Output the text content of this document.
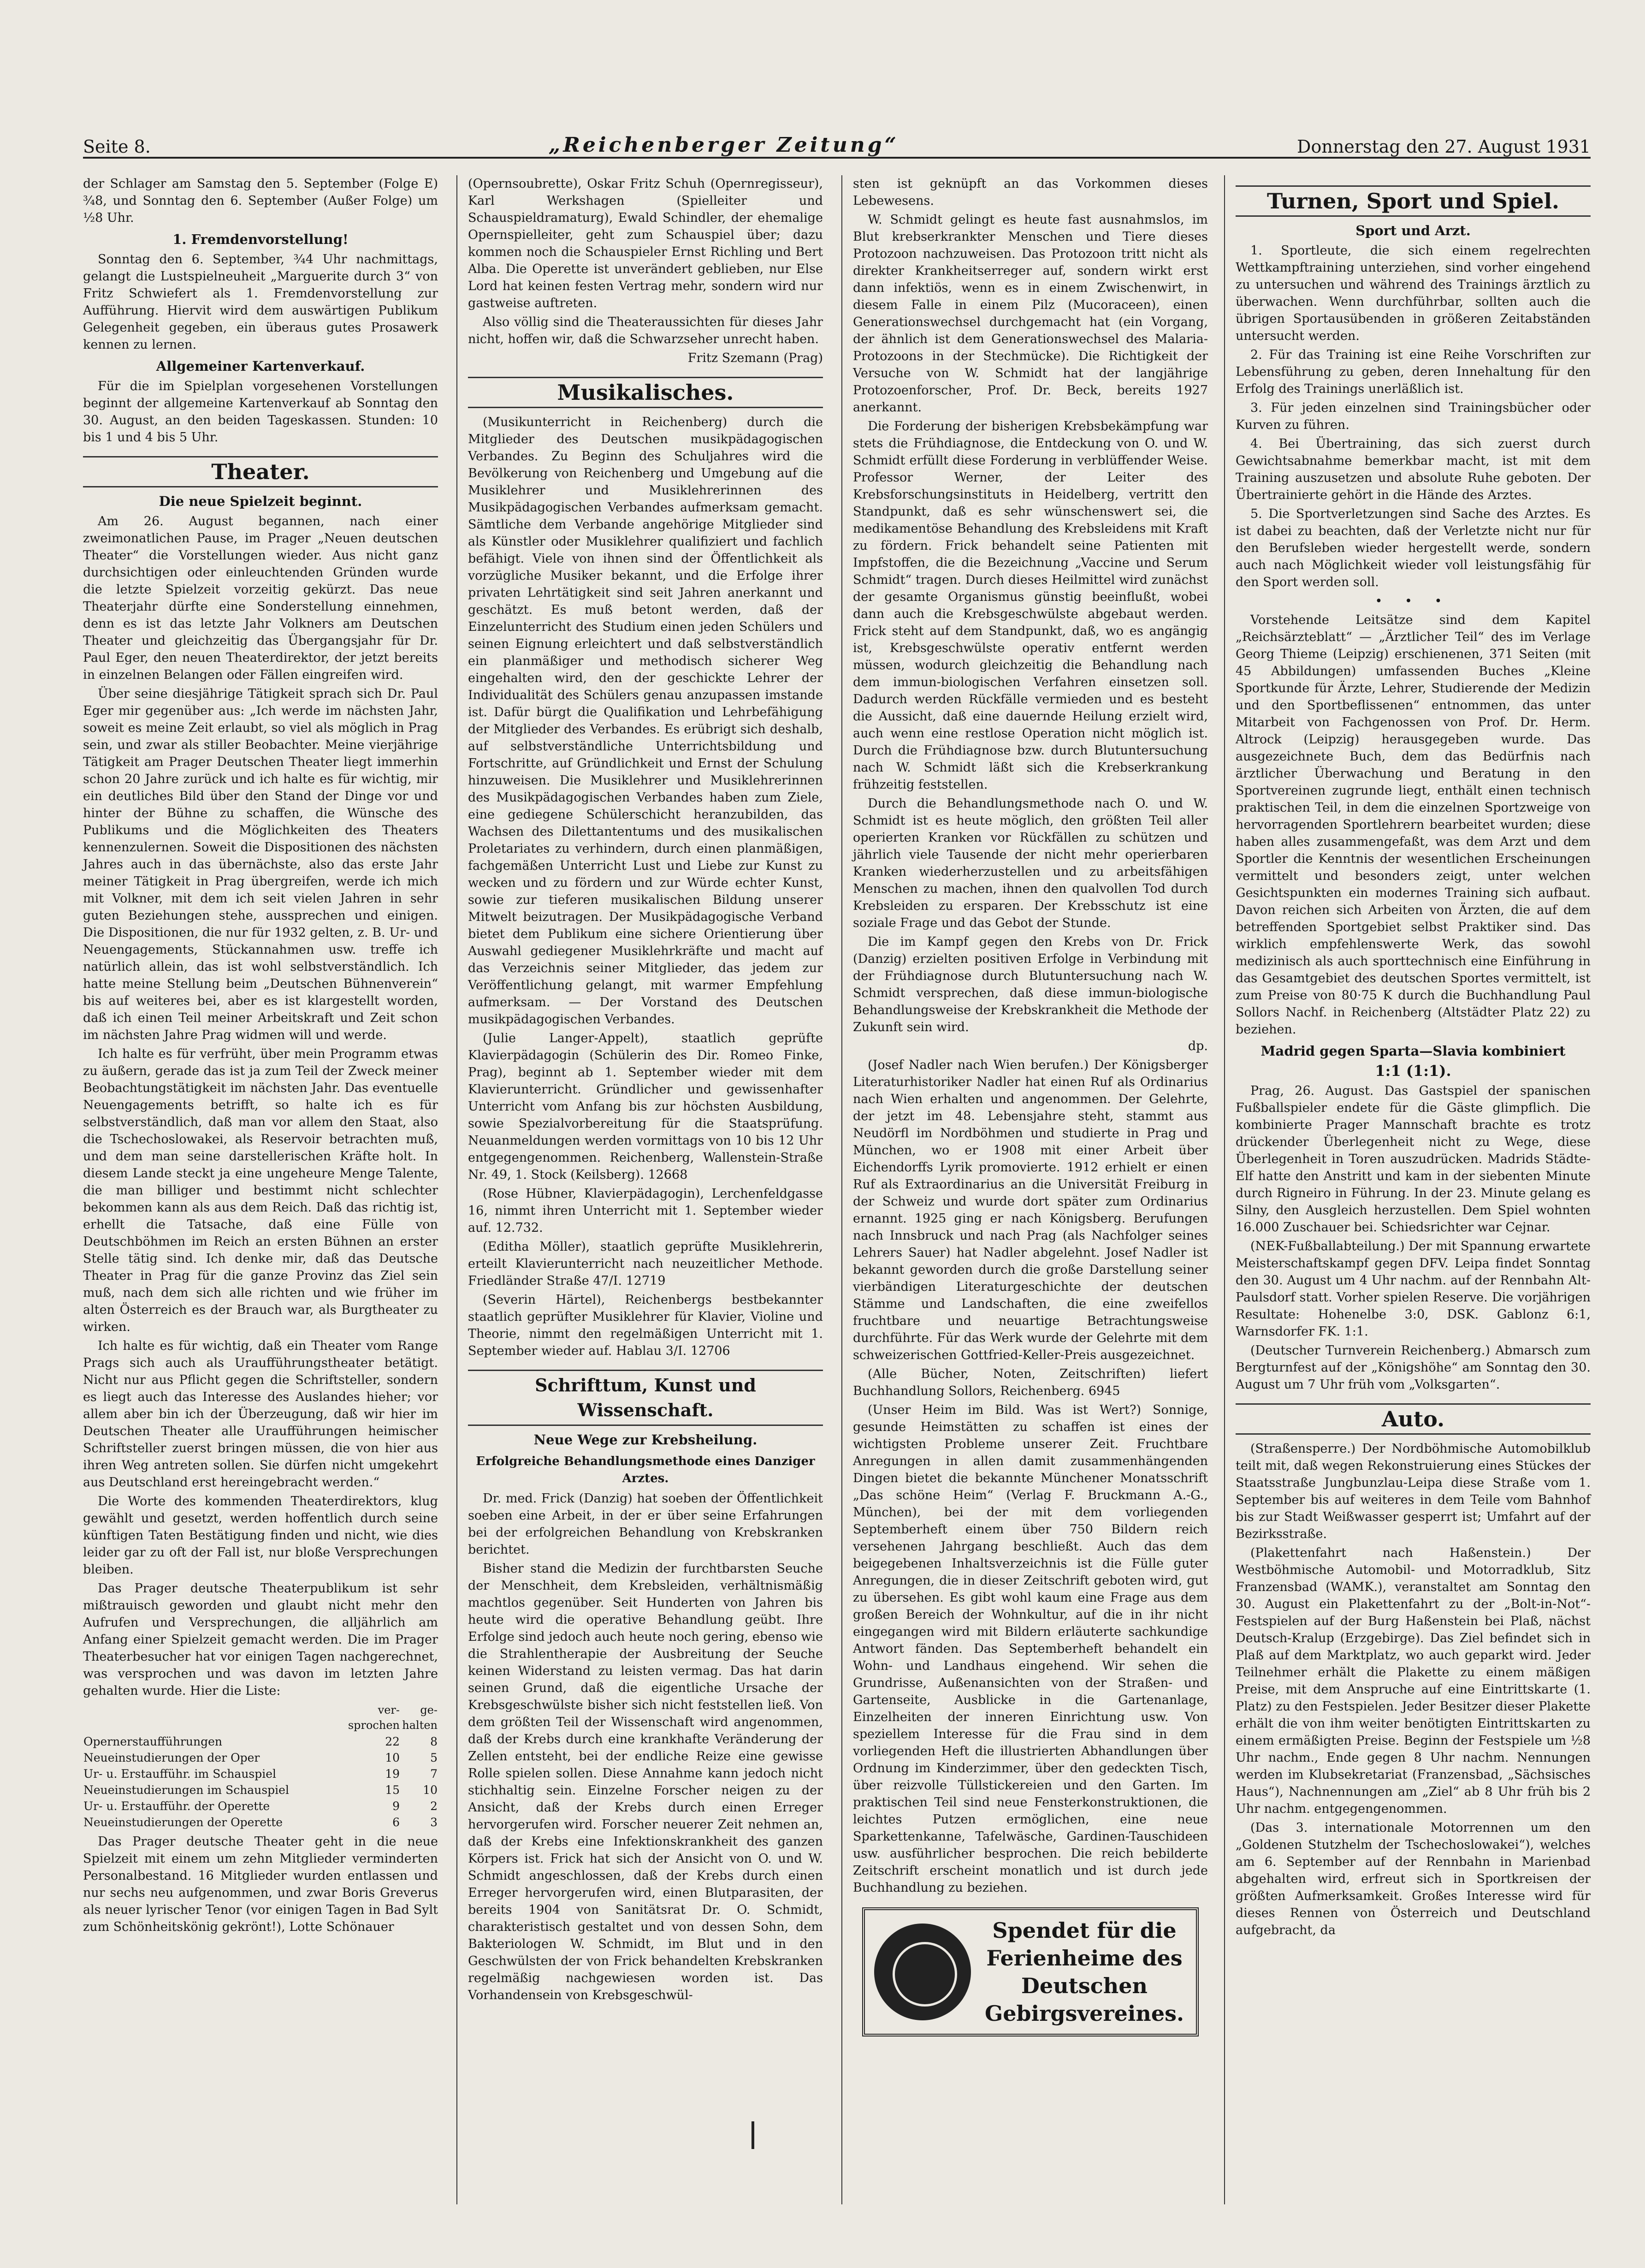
Seite 8.	„Reichenberger Zeitung“	Donnerstag den 27. August 1931

der Schlager am Samstag den 5. September (Folge E) ¾8, und Sonntag den 6. September (Außer Folge) um ½8 Uhr.

1. Fremdenvorstellung!

Sonntag den 6. September, ¾4 Uhr nachmittags, gelangt die Lustspielneuheit „Marguerite durch 3“ von Fritz Schwiefert als 1. Fremdenvorstellung zur Aufführung. Hiervit wird dem auswärtigen Publikum Gelegenheit gegeben, ein überaus gutes Prosawerk kennen zu lernen.

Allgemeiner Kartenverkauf.

Für die im Spielplan vorgesehenen Vorstellungen beginnt der allgemeine Kartenverkauf ab Sonntag den 30. August, an den beiden Tageskassen. Stunden: 10 bis 1 und 4 bis 5 Uhr.

Theater.

Die neue Spielzeit beginnt.

Am 26. August begannen, nach einer zweimonatlichen Pause, im Prager „Neuen deutschen Theater“ die Vorstellungen wieder. Aus nicht ganz durchsichtigen oder einleuchtenden Gründen wurde die letzte Spielzeit vorzeitig gekürzt. Das neue Theaterjahr dürfte eine Sonderstellung einnehmen, denn es ist das letzte Jahr Volkners am Deutschen Theater und gleichzeitig das Übergangsjahr für Dr. Paul Eger, den neuen Theaterdirektor, der jetzt bereits in einzelnen Belangen oder Fällen eingreifen wird.

Über seine diesjährige Tätigkeit sprach sich Dr. Paul Eger mir gegenüber aus: „Ich werde im nächsten Jahr, soweit es meine Zeit erlaubt, so viel als möglich in Prag sein, und zwar als stiller Beobachter. Meine vierjährige Tätigkeit am Prager Deutschen Theater liegt immerhin schon 20 Jahre zurück und ich halte es für wichtig, mir ein deutliches Bild über den Stand der Dinge vor und hinter der Bühne zu schaffen, die Wünsche des Publikums und die Möglichkeiten des Theaters kennenzulernen. Soweit die Dispositionen des nächsten Jahres auch in das übernächste, also das erste Jahr meiner Tätigkeit in Prag übergreifen, werde ich mich mit Volkner, mit dem ich seit vielen Jahren in sehr guten Beziehungen stehe, aussprechen und einigen. Die Dispositionen, die nur für 1932 gelten, z. B. Ur- und Neuengagements, Stückannahmen usw. treffe ich natürlich allein, das ist wohl selbstverständlich. Ich hatte meine Stellung beim „Deutschen Bühnenverein“ bis auf weiteres bei, aber es ist klargestellt worden, daß ich einen Teil meiner Arbeitskraft und Zeit schon im nächsten Jahre Prag widmen will und werde.

Ich halte es für verfrüht, über mein Programm etwas zu äußern, gerade das ist ja zum Teil der Zweck meiner Beobachtungstätigkeit im nächsten Jahr. Das eventuelle Neuengagements betrifft, so halte ich es für selbstverständlich, daß man vor allem den Staat, also die Tschechoslowakei, als Reservoir betrachten muß, und dem man seine darstellerischen Kräfte holt. In diesem Lande steckt ja eine ungeheure Menge Talente, die man billiger und bestimmt nicht schlechter bekommen kann als aus dem Reich. Daß das richtig ist, erhellt die Tatsache, daß eine Fülle von Deutschböhmen im Reich an ersten Bühnen an erster Stelle tätig sind. Ich denke mir, daß das Deutsche Theater in Prag für die ganze Provinz das Ziel sein muß, nach dem sich alle richten und wie früher im alten Österreich es der Brauch war, als Burgtheater zu wirken.

Ich halte es für wichtig, daß ein Theater vom Range Prags sich auch als Uraufführungstheater betätigt. Nicht nur aus Pflicht gegen die Schriftsteller, sondern es liegt auch das Interesse des Auslandes hieher; vor allem aber bin ich der Überzeugung, daß wir hier im Deutschen Theater alle Uraufführungen heimischer Schriftsteller zuerst bringen müssen, die von hier aus ihren Weg antreten sollen. Sie dürfen nicht umgekehrt aus Deutschland erst hereingebracht werden.“

Die Worte des kommenden Theaterdirektors, klug gewählt und gesetzt, werden hoffentlich durch seine künftigen Taten Bestätigung finden und nicht, wie dies leider gar zu oft der Fall ist, nur bloße Versprechungen bleiben.

Das Prager deutsche Theaterpublikum ist sehr mißtrauisch geworden und glaubt nicht mehr den Aufrufen und Versprechungen, die alljährlich am Anfang einer Spielzeit gemacht werden. Die im Prager Theaterbesucher hat vor einigen Tagen nachgerechnet, was versprochen und was davon im letzten Jahre gehalten wurde. Hier die Liste:

	ver-sprochen	ge-halten
Opernerstaufführungen	22	8
Neueinstudierungen der Oper	10	5
Ur- u. Erstaufführ. im Schauspiel	19	7
Neueinstudierungen im Schauspiel	15	10
Ur- u. Erstaufführ. der Operette	9	2
Neueinstudierungen der Operette	6	3

Das Prager deutsche Theater geht in die neue Spielzeit mit einem um zehn Mitglieder verminderten Personalbestand. 16 Mitglieder wurden entlassen und nur sechs neu aufgenommen, und zwar Boris Greverus als neuer lyrischer Tenor (vor einigen Tagen in Bad Sylt zum Schönheitskönig gekrönt!), Lotte Schönauer

(Opernsoubrette), Oskar Fritz Schuh (Opernregisseur), Karl Werkshagen (Spielleiter und Schauspieldramaturg), Ewald Schindler, der ehemalige Opernspielleiter, geht zum Schauspiel über; dazu kommen noch die Schauspieler Ernst Richling und Bert Alba. Die Operette ist unverändert geblieben, nur Else Lord hat keinen festen Vertrag mehr, sondern wird nur gastweise auftreten.

Also völlig sind die Theateraussichten für dieses Jahr nicht, hoffen wir, daß die Schwarzseher unrecht haben.

Fritz Szemann (Prag)

Musikalisches.

(Musikunterricht in Reichenberg) durch die Mitglieder des Deutschen musikpädagogischen Verbandes. Zu Beginn des Schuljahres wird die Bevölkerung von Reichenberg und Umgebung auf die Musiklehrer und Musiklehrerinnen des Musikpädagogischen Verbandes aufmerksam gemacht. Sämtliche dem Verbande angehörige Mitglieder sind als Künstler oder Musiklehrer qualifiziert und fachlich befähigt. Viele von ihnen sind der Öffentlichkeit als vorzügliche Musiker bekannt, und die Erfolge ihrer privaten Lehrtätigkeit sind seit Jahren anerkannt und geschätzt. Es muß betont werden, daß der Einzelunterricht des Studium einen jeden Schülers und seinen Eignung erleichtert und daß selbstverständlich ein planmäßiger und methodisch sicherer Weg eingehalten wird, den der geschickte Lehrer der Individualität des Schülers genau anzupassen imstande ist. Dafür bürgt die Qualifikation und Lehrbefähigung der Mitglieder des Verbandes. Es erübrigt sich deshalb, auf selbstverständliche Unterrichtsbildung und Fortschritte, auf Gründlichkeit und Ernst der Schulung hinzuweisen. Die Musiklehrer und Musiklehrerinnen des Musikpädagogischen Verbandes haben zum Ziele, eine gediegene Schülerschicht heranzubilden, das Wachsen des Dilettantentums und des musikalischen Proletariates zu verhindern, durch einen planmäßigen, fachgemäßen Unterricht Lust und Liebe zur Kunst zu wecken und zu fördern und zur Würde echter Kunst, sowie zur tieferen musikalischen Bildung unserer Mitwelt beizutragen. Der Musikpädagogische Verband bietet dem Publikum eine sichere Orientierung über Auswahl gediegener Musiklehrkräfte und macht auf das Verzeichnis seiner Mitglieder, das jedem zur Veröffentlichung gelangt, mit warmer Empfehlung aufmerksam. — Der Vorstand des Deutschen musikpädagogischen Verbandes.

(Julie Langer-Appelt), staatlich geprüfte Klavierpädagogin (Schülerin des Dir. Romeo Finke, Prag), beginnt ab 1. September wieder mit dem Klavierunterricht. Gründlicher und gewissenhafter Unterricht vom Anfang bis zur höchsten Ausbildung, sowie Spezialvorbereitung für die Staatsprüfung. Neuanmeldungen werden vormittags von 10 bis 12 Uhr entgegengenommen. Reichenberg, Wallenstein-Straße Nr. 49, 1. Stock (Keilsberg). 12668

(Rose Hübner, Klavierpädagogin), Lerchenfeldgasse 16, nimmt ihren Unterricht mit 1. September wieder auf. 12.732.

(Editha Möller), staatlich geprüfte Musiklehrerin, erteilt Klavierunterricht nach neuzeitlicher Methode. Friedländer Straße 47/I. 12719

(Severin Härtel), Reichenbergs bestbekannter staatlich geprüfter Musiklehrer für Klavier, Violine und Theorie, nimmt den regelmäßigen Unterricht mit 1. September wieder auf. Hablau 3/I. 12706

Schrifttum, Kunst und Wissenschaft.

Neue Wege zur Krebsheilung.

Erfolgreiche Behandlungsmethode eines Danziger Arztes.

Dr. med. Frick (Danzig) hat soeben der Öffentlichkeit soeben eine Arbeit, in der er über seine Erfahrungen bei der erfolgreichen Behandlung von Krebskranken berichtet.

Bisher stand die Medizin der furchtbarsten Seuche der Menschheit, dem Krebsleiden, verhältnismäßig machtlos gegenüber. Seit Hunderten von Jahren bis heute wird die operative Behandlung geübt. Ihre Erfolge sind jedoch auch heute noch gering, ebenso wie die Strahlentherapie der Ausbreitung der Seuche keinen Widerstand zu leisten vermag. Das hat darin seinen Grund, daß die eigentliche Ursache der Krebsgeschwülste bisher sich nicht feststellen ließ. Von dem größten Teil der Wissenschaft wird angenommen, daß der Krebs durch eine krankhafte Veränderung der Zellen entsteht, bei der endliche Reize eine gewisse Rolle spielen sollen. Diese Annahme kann jedoch nicht stichhaltig sein. Einzelne Forscher neigen zu der Ansicht, daß der Krebs durch einen Erreger hervorgerufen wird. Forscher neuerer Zeit nehmen an, daß der Krebs eine Infektionskrankheit des ganzen Körpers ist. Frick hat sich der Ansicht von O. und W. Schmidt angeschlossen, daß der Krebs durch einen Erreger hervorgerufen wird, einen Blutparasiten, der bereits 1904 von Sanitätsrat Dr. O. Schmidt, charakteristisch gestaltet und von dessen Sohn, dem Bakteriologen W. Schmidt, im Blut und in den Geschwülsten der von Frick behandelten Krebskranken regelmäßig nachgewiesen worden ist. Das Vorhandensein von Krebsgeschwül-

sten ist geknüpft an das Vorkommen dieses Lebewesens.

W. Schmidt gelingt es heute fast ausnahmslos, im Blut krebserkrankter Menschen und Tiere dieses Protozoon nachzuweisen. Das Protozoon tritt nicht als direkter Krankheitserreger auf, sondern wirkt erst dann infektiös, wenn es in einem Zwischenwirt, in diesem Falle in einem Pilz (Mucoraceen), einen Generationswechsel durchgemacht hat (ein Vorgang, der ähnlich ist dem Generationswechsel des Malaria-Protozoons in der Stechmücke). Die Richtigkeit der Versuche von W. Schmidt hat der langjährige Protozoenforscher, Prof. Dr. Beck, bereits 1927 anerkannt.

Die Forderung der bisherigen Krebsbekämpfung war stets die Frühdiagnose, die Entdeckung von O. und W. Schmidt erfüllt diese Forderung in verblüffender Weise. Professor Werner, der Leiter des Krebsforschungsinstituts in Heidelberg, vertritt den Standpunkt, daß es sehr wünschenswert sei, die medikamentöse Behandlung des Krebsleidens mit Kraft zu fördern. Frick behandelt seine Patienten mit Impfstoffen, die die Bezeichnung „Vaccine und Serum Schmidt“ tragen. Durch dieses Heilmittel wird zunächst der gesamte Organismus günstig beeinflußt, wobei dann auch die Krebsgeschwülste abgebaut werden. Frick steht auf dem Standpunkt, daß, wo es angängig ist, Krebsgeschwülste operativ entfernt werden müssen, wodurch gleichzeitig die Behandlung nach dem immun-biologischen Verfahren einsetzen soll. Dadurch werden Rückfälle vermieden und es besteht die Aussicht, daß eine dauernde Heilung erzielt wird, auch wenn eine restlose Operation nicht möglich ist. Durch die Frühdiagnose bzw. durch Blutuntersuchung nach W. Schmidt läßt sich die Krebserkrankung frühzeitig feststellen.

Durch die Behandlungsmethode nach O. und W. Schmidt ist es heute möglich, den größten Teil aller operierten Kranken vor Rückfällen zu schützen und jährlich viele Tausende der nicht mehr operierbaren Kranken wiederherzustellen und zu arbeitsfähigen Menschen zu machen, ihnen den qualvollen Tod durch Krebsleiden zu ersparen. Der Krebsschutz ist eine soziale Frage und das Gebot der Stunde.

Die im Kampf gegen den Krebs von Dr. Frick (Danzig) erzielten positiven Erfolge in Verbindung mit der Frühdiagnose durch Blutuntersuchung nach W. Schmidt versprechen, daß diese immun-biologische Behandlungsweise der Krebskrankheit die Methode der Zukunft sein wird.

dp.

(Josef Nadler nach Wien berufen.) Der Königsberger Literaturhistoriker Nadler hat einen Ruf als Ordinarius nach Wien erhalten und angenommen. Der Gelehrte, der jetzt im 48. Lebensjahre steht, stammt aus Neudörfl im Nordböhmen und studierte in Prag und München, wo er 1908 mit einer Arbeit über Eichendorffs Lyrik promovierte. 1912 erhielt er einen Ruf als Extraordinarius an die Universität Freiburg in der Schweiz und wurde dort später zum Ordinarius ernannt. 1925 ging er nach Königsberg. Berufungen nach Innsbruck und nach Prag (als Nachfolger seines Lehrers Sauer) hat Nadler abgelehnt. Josef Nadler ist bekannt geworden durch die große Darstellung seiner vierbändigen Literaturgeschichte der deutschen Stämme und Landschaften, die eine zweifellos fruchtbare und neuartige Betrachtungsweise durchführte. Für das Werk wurde der Gelehrte mit dem schweizerischen Gottfried-Keller-Preis ausgezeichnet.

(Alle Bücher, Noten, Zeitschriften) liefert Buchhandlung Sollors, Reichenberg. 6945

(Unser Heim im Bild. Was ist Wert?) Sonnige, gesunde Heimstätten zu schaffen ist eines der wichtigsten Probleme unserer Zeit. Fruchtbare Anregungen in allen damit zusammenhängenden Dingen bietet die bekannte Münchener Monatsschrift „Das schöne Heim“ (Verlag F. Bruckmann A.-G., München), bei der mit dem vorliegenden Septemberheft einem über 750 Bildern reich versehenen Jahrgang beschließt. Auch das dem beigegebenen Inhaltsverzeichnis ist die Fülle guter Anregungen, die in dieser Zeitschrift geboten wird, gut zu übersehen. Es gibt wohl kaum eine Frage aus dem großen Bereich der Wohnkultur, auf die in ihr nicht eingegangen wird mit Bildern erläuterte sachkundige Antwort fänden. Das Septemberheft behandelt ein Wohn- und Landhaus eingehend. Wir sehen die Grundrisse, Außenansichten von der Straßen- und Gartenseite, Ausblicke in die Gartenanlage, Einzelheiten der inneren Einrichtung usw. Von speziellem Interesse für die Frau sind in dem vorliegenden Heft die illustrierten Abhandlungen über Ordnung im Kinderzimmer, über den gedeckten Tisch, über reizvolle Tüllstickereien und den Garten. Im praktischen Teil sind neue Fensterkonstruktionen, die leichtes Putzen ermöglichen, eine neue Sparkettenkanne, Tafelwäsche, Gardinen-Tauschideen usw. ausführlicher besprochen. Die reich bebilderte Zeitschrift erscheint monatlich und ist durch jede Buchhandlung zu beziehen.

Spendet für die Ferienheime des Deutschen Gebirgsvereines.
Turnen, Sport und Spiel.

Sport und Arzt.

1. Sportleute, die sich einem regelrechten Wettkampftraining unterziehen, sind vorher eingehend zu untersuchen und während des Trainings ärztlich zu überwachen. Wenn durchführbar, sollten auch die übrigen Sportausübenden in größeren Zeitabständen untersucht werden.

2. Für das Training ist eine Reihe Vorschriften zur Lebensführung zu geben, deren Innehaltung für den Erfolg des Trainings unerläßlich ist.

3. Für jeden einzelnen sind Trainingsbücher oder Kurven zu führen.

4. Bei Übertraining, das sich zuerst durch Gewichtsabnahme bemerkbar macht, ist mit dem Training auszusetzen und absolute Ruhe geboten. Der Übertrainierte gehört in die Hände des Arztes.

5. Die Sportverletzungen sind Sache des Arztes. Es ist dabei zu beachten, daß der Verletzte nicht nur für den Berufsleben wieder hergestellt werde, sondern auch nach Möglichkeit wieder voll leistungsfähig für den Sport werden soll.

• • •

Vorstehende Leitsätze sind dem Kapitel „Reichsärzteblatt“ — „Ärztlicher Teil“ des im Verlage Georg Thieme (Leipzig) erschienenen, 371 Seiten (mit 45 Abbildungen) umfassenden Buches „Kleine Sportkunde für Ärzte, Lehrer, Studierende der Medizin und den Sportbeflissenen“ entnommen, das unter Mitarbeit von Fachgenossen von Prof. Dr. Herm. Altrock (Leipzig) herausgegeben wurde. Das ausgezeichnete Buch, dem das Bedürfnis nach ärztlicher Überwachung und Beratung in den Sportvereinen zugrunde liegt, enthält einen technisch praktischen Teil, in dem die einzelnen Sportzweige von hervorragenden Sportlehrern bearbeitet wurden; diese haben alles zusammengefaßt, was dem Arzt und dem Sportler die Kenntnis der wesentlichen Erscheinungen vermittelt und besonders zeigt, unter welchen Gesichtspunkten ein modernes Training sich aufbaut. Davon reichen sich Arbeiten von Ärzten, die auf dem betreffenden Sportgebiet selbst Praktiker sind. Das wirklich empfehlenswerte Werk, das sowohl medizinisch als auch sporttechnisch eine Einführung in das Gesamtgebiet des deutschen Sportes vermittelt, ist zum Preise von 80·75 K durch die Buchhandlung Paul Sollors Nachf. in Reichenberg (Altstädter Platz 22) zu beziehen.

Madrid gegen Sparta—Slavia kombiniert

1:1 (1:1).

Prag, 26. August. Das Gastspiel der spanischen Fußballspieler endete für die Gäste glimpflich. Die kombinierte Prager Mannschaft brachte es trotz drückender Überlegenheit nicht zu Wege, diese Überlegenheit in Toren auszudrücken. Madrids Städte-Elf hatte den Anstritt und kam in der siebenten Minute durch Rigneiro in Führung. In der 23. Minute gelang es Silny, den Ausgleich herzustellen. Dem Spiel wohnten 16.000 Zuschauer bei. Schiedsrichter war Cejnar.

(NEK-Fußballabteilung.) Der mit Spannung erwartete Meisterschaftskampf gegen DFV. Leipa findet Sonntag den 30. August um 4 Uhr nachm. auf der Rennbahn Alt-Paulsdorf statt. Vorher spielen Reserve. Die vorjährigen Resultate: Hohenelbe 3:0, DSK. Gablonz 6:1, Warnsdorfer FK. 1:1.

(Deutscher Turnverein Reichenberg.) Abmarsch zum Bergturnfest auf der „Königshöhe“ am Sonntag den 30. August um 7 Uhr früh vom „Volksgarten“.

Auto.

(Straßensperre.) Der Nordböhmische Automobilklub teilt mit, daß wegen Rekonstruierung eines Stückes der Staatsstraße Jungbunzlau-Leipa diese Straße vom 1. September bis auf weiteres in dem Teile vom Bahnhof bis zur Stadt Weißwasser gesperrt ist; Umfahrt auf der Bezirksstraße.

(Plakettenfahrt nach Haßenstein.) Der Westböhmische Automobil- und Motorradklub, Sitz Franzensbad (WAMK.), veranstaltet am Sonntag den 30. August ein Plakettenfahrt zu der „Bolt-in-Not“-Festspielen auf der Burg Haßenstein bei Plaß, nächst Deutsch-Kralup (Erzgebirge). Das Ziel befindet sich in Plaß auf dem Marktplatz, wo auch geparkt wird. Jeder Teilnehmer erhält die Plakette zu einem mäßigen Preise, mit dem Anspruche auf eine Eintrittskarte (1. Platz) zu den Festspielen. Jeder Besitzer dieser Plakette erhält die von ihm weiter benötigten Eintrittskarten zu einem ermäßigten Preise. Beginn der Festspiele um ½8 Uhr nachm., Ende gegen 8 Uhr nachm. Nennungen werden im Klubsekretariat (Franzensbad, „Sächsisches Haus“), Nachnennungen am „Ziel“ ab 8 Uhr früh bis 2 Uhr nachm. entgegengenommen.

(Das 3. internationale Motorrennen um den „Goldenen Stutzhelm der Tschechoslowakei“), welches am 6. September auf der Rennbahn in Marienbad abgehalten wird, erfreut sich in Sportkreisen der größten Aufmerksamkeit. Großes Interesse wird für dieses Rennen von Österreich und Deutschland aufgebracht, da
